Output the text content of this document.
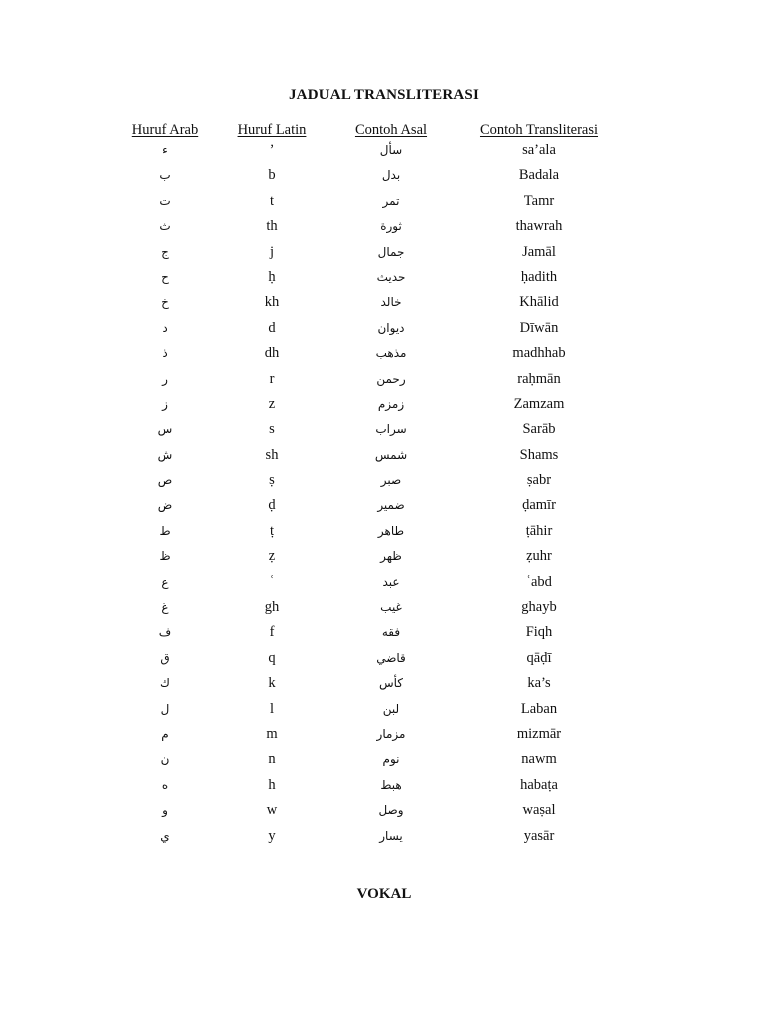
JADUAL TRANSLITERASI
Huruf Arab	Huruf Latin	Contoh Asal	Contoh Transliterasi
ء	’	سأل	sa’ala
ب	b	بدل	Badala
ت	t	تمر	Tamr
ث	th	ثورة	thawrah
ج	j	جمال	Jamāl
ح	ḥ	حديث	ḥadith
خ	kh	خالد	Khālid
د	d	ديوان	Dīwān
ذ	dh	مذهب	madhhab
ر	r	رحمن	raḥmān
ز	z	زمزم	Zamzam
س	s	سراب	Sarāb
ش	sh	شمس	Shams
ص	ṣ	صبر	ṣabr
ض	ḍ	ضمير	ḍamīr
ط	ṭ	طاهر	ṭāhir
ظ	ẓ	ظهر	ẓuhr
ع	ʿ	عبد	ʿabd
غ	gh	غيب	ghayb
ف	f	فقه	Fiqh
ق	q	قاضي	qāḍī
ك	k	كأس	ka’s
ل	l	لبن	Laban
م	m	مزمار	mizmār
ن	n	نوم	nawm
ه	h	هبط	habaṭa
و	w	وصل	waṣal
ي	y	يسار	yasār
VOKAL
